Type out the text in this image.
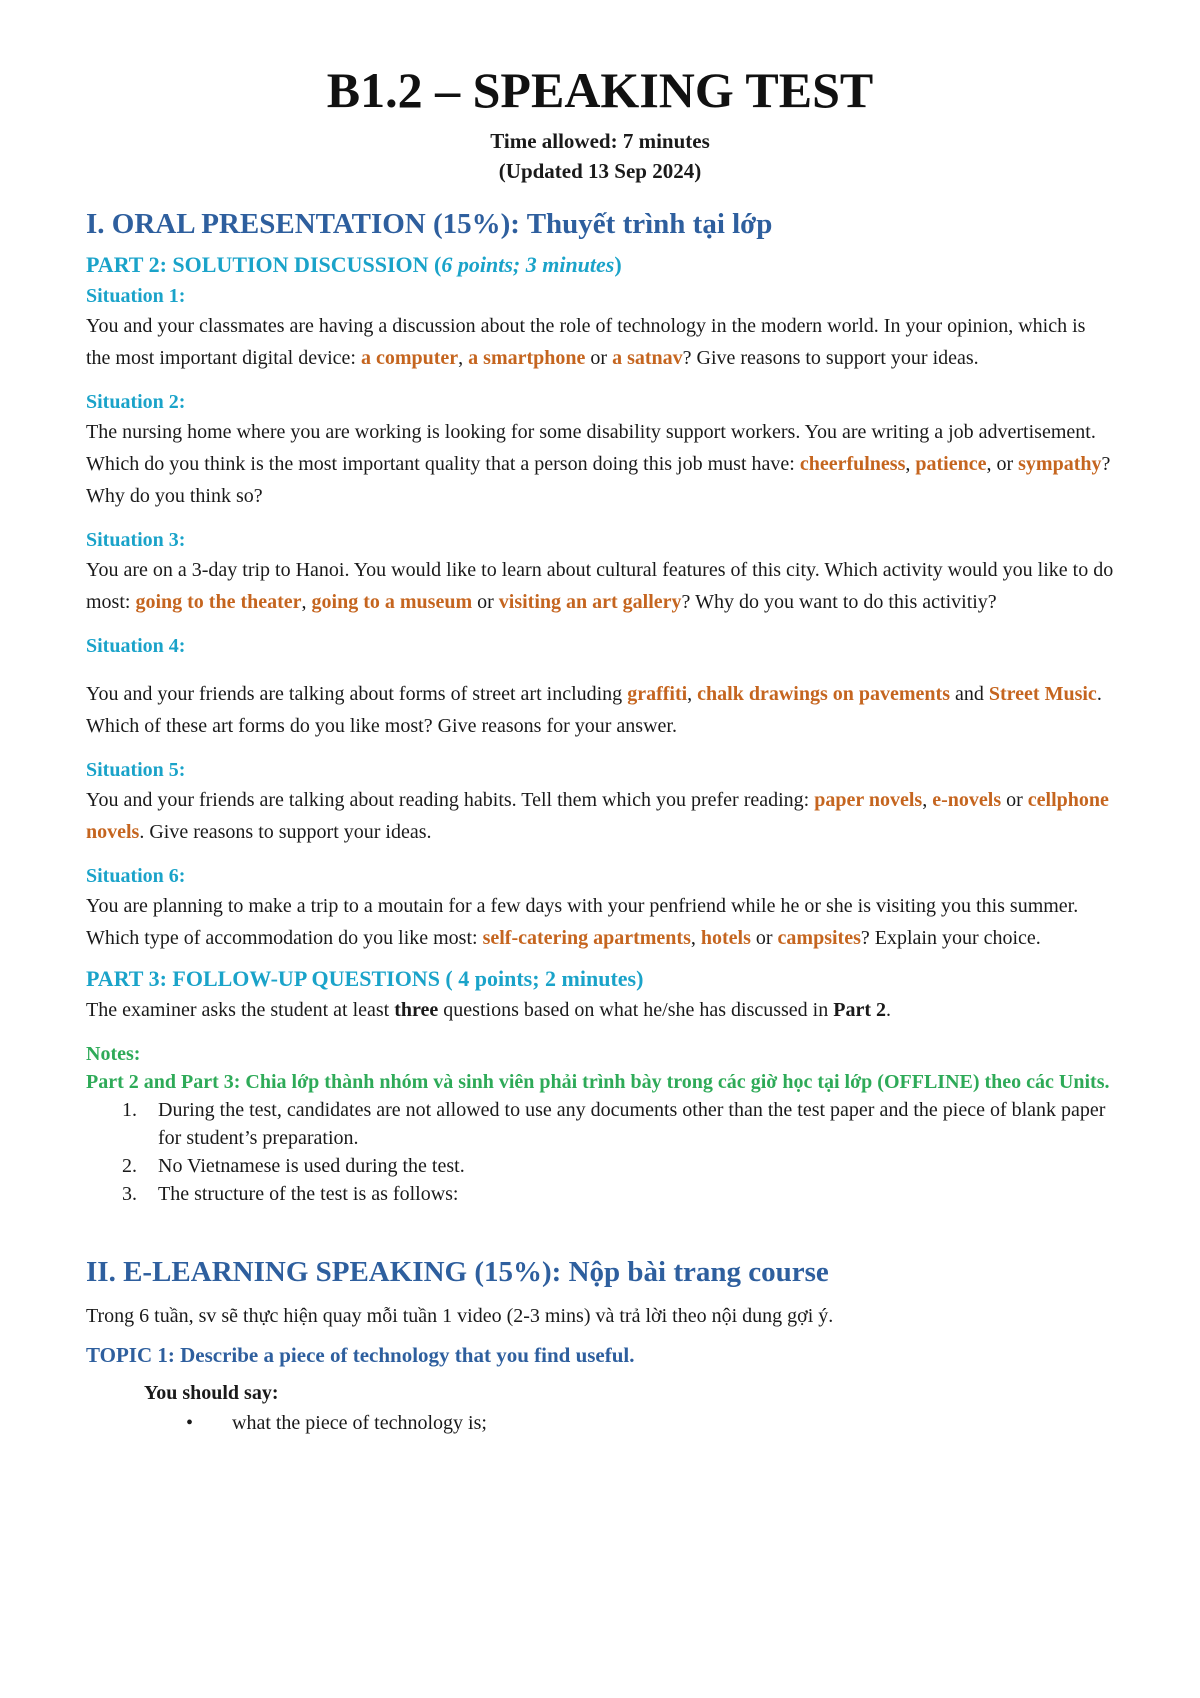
B1.2 – SPEAKING TEST

Time allowed: 7 minutes

(Updated 13 Sep 2024)

I. ORAL PRESENTATION (15%): Thuyết trình tại lớp
PART 2: SOLUTION DISCUSSION (6 points; 3 minutes)
Situation 1:

You and your classmates are having a discussion about the role of technology in the modern world. In your opinion, which is the most important digital device: a computer, a smartphone or a satnav? Give reasons to support your ideas.

Situation 2:

The nursing home where you are working is looking for some disability support workers. You are writing a job advertisement. Which do you think is the most important quality that a person doing this job must have: cheerfulness, patience, or sympathy? Why do you think so?

Situation 3:

You are on a 3-day trip to Hanoi. You would like to learn about cultural features of this city. Which activity would you like to do most: going to the theater, going to a museum or visiting an art gallery? Why do you want to do this activitiy?

Situation 4:

You and your friends are talking about forms of street art including graffiti, chalk drawings on pavements and Street Music. Which of these art forms do you like most? Give reasons for your answer.

Situation 5:

You and your friends are talking about reading habits. Tell them which you prefer reading: paper novels, e-novels or cellphone novels. Give reasons to support your ideas.

Situation 6:

You are planning to make a trip to a moutain for a few days with your penfriend while he or she is visiting you this summer. Which type of accommodation do you like most: self-catering apartments, hotels or campsites? Explain your choice.

PART 3: FOLLOW-UP QUESTIONS ( 4 points; 2 minutes)

The examiner asks the student at least three questions based on what he/she has discussed in Part 2.

Notes:

Part 2 and Part 3: Chia lớp thành nhóm và sinh viên phải trình bày trong các giờ học tại lớp (OFFLINE) theo các Units.

1. During the test, candidates are not allowed to use any documents other than the test paper and the piece of blank paper for student’s preparation.
2. No Vietnamese is used during the test.
3. The structure of the test is as follows:
II. E-LEARNING SPEAKING (15%): Nộp bài trang course

Trong 6 tuần, sv sẽ thực hiện quay mỗi tuần 1 video (2-3 mins) và trả lời theo nội dung gợi ý.

TOPIC 1: Describe a piece of technology that you find useful.
You should say:
• what the piece of technology is;
